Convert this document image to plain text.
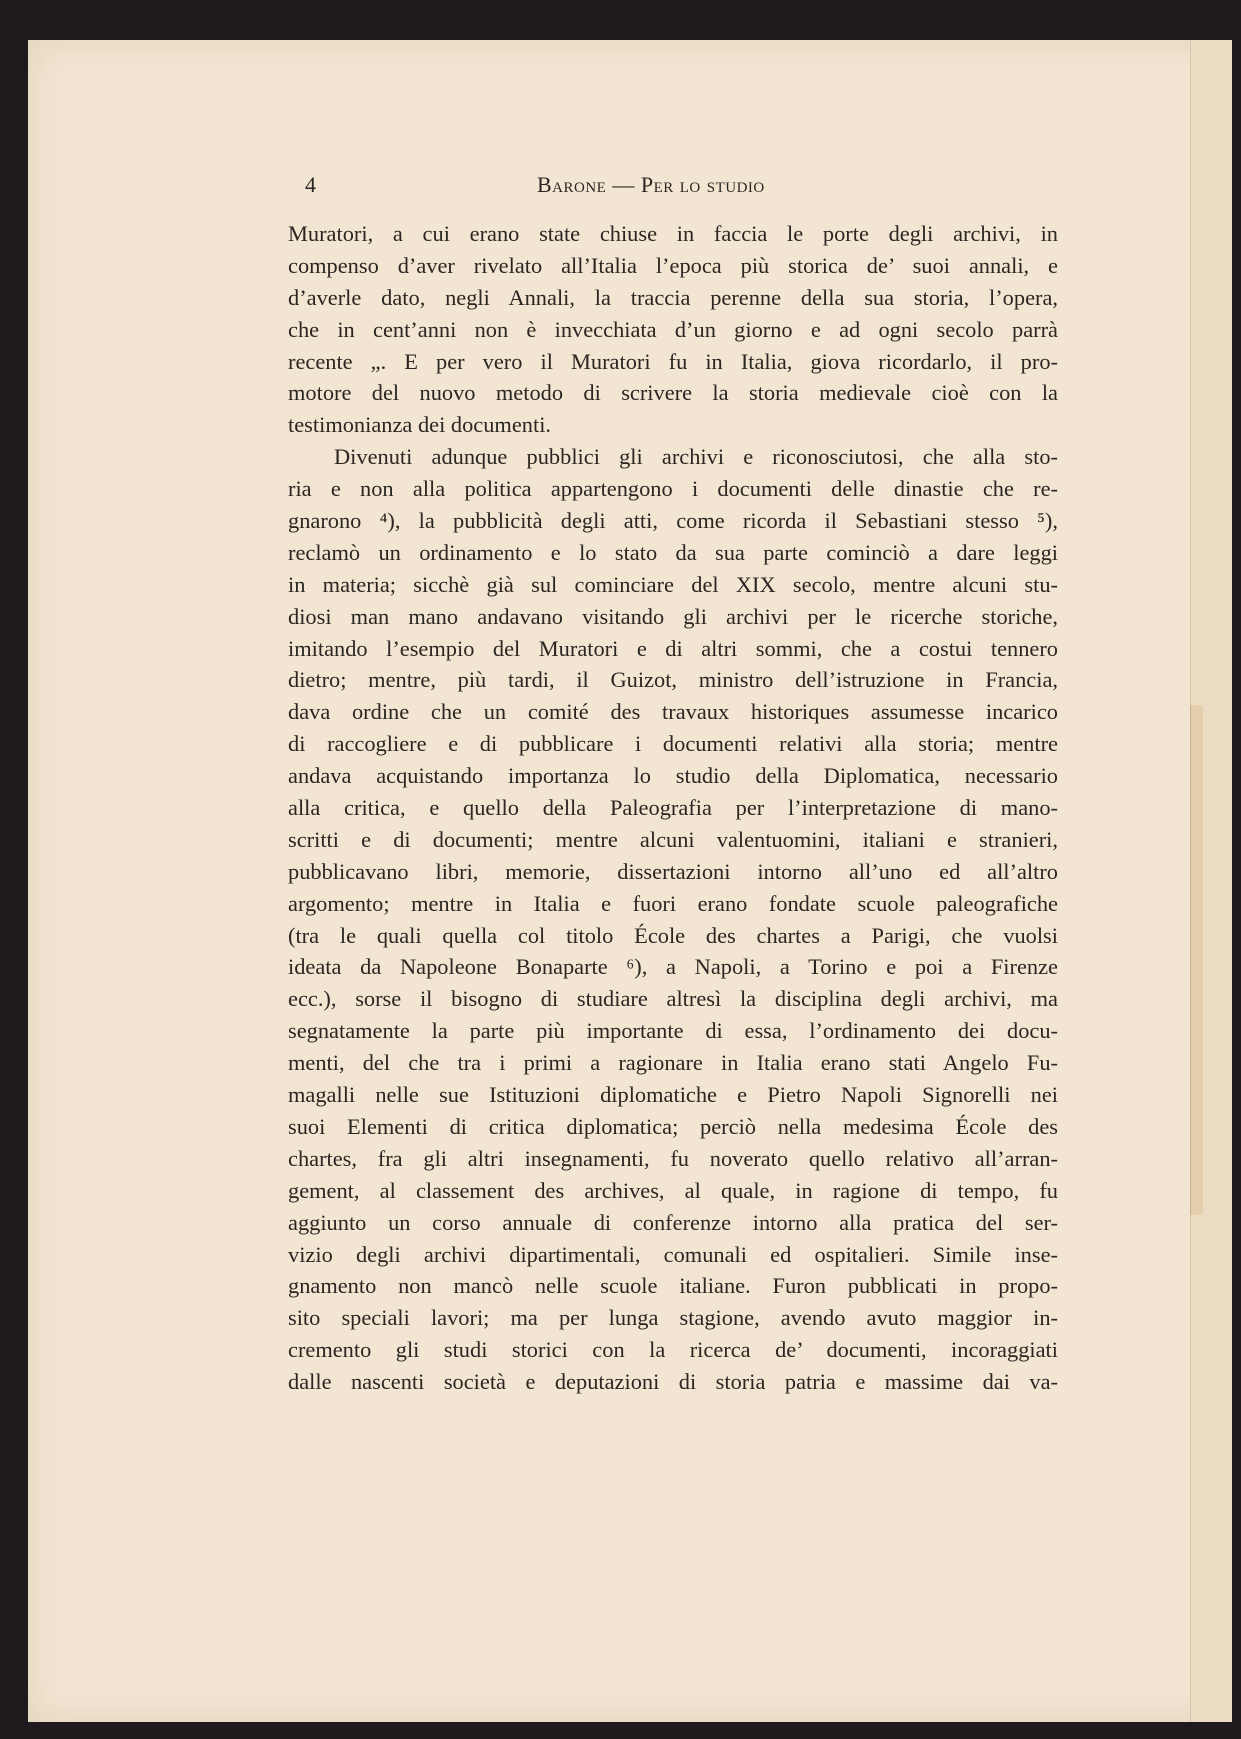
4	Barone — Per lo studio
Muratori, a cui erano state chiuse in faccia le porte degli archivi, in
compenso d’aver rivelato all’Italia l’epoca più storica de’ suoi annali, e
d’averle dato, negli Annali, la traccia perenne della sua storia, l’opera,
che in cent’anni non è invecchiata d’un giorno e ad ogni secolo parrà
recente „. E per vero il Muratori fu in Italia, giova ricordarlo, il pro-
motore del nuovo metodo di scrivere la storia medievale cioè con la
testimonianza dei documenti.
Divenuti adunque pubblici gli archivi e riconosciutosi, che alla sto-
ria e non alla politica appartengono i documenti delle dinastie che re-
gnarono ⁴), la pubblicità degli atti, come ricorda il Sebastiani stesso ⁵),
reclamò un ordinamento e lo stato da sua parte cominciò a dare leggi
in materia; sicchè già sul cominciare del XIX secolo, mentre alcuni stu-
diosi man mano andavano visitando gli archivi per le ricerche storiche,
imitando l’esempio del Muratori e di altri sommi, che a costui tennero
dietro; mentre, più tardi, il Guizot, ministro dell’istruzione in Francia,
dava ordine che un comité des travaux historiques assumesse incarico
di raccogliere e di pubblicare i documenti relativi alla storia; mentre
andava acquistando importanza lo studio della Diplomatica, necessario
alla critica, e quello della Paleografia per l’interpretazione di mano-
scritti e di documenti; mentre alcuni valentuomini, italiani e stranieri,
pubblicavano libri, memorie, dissertazioni intorno all’uno ed all’altro
argomento; mentre in Italia e fuori erano fondate scuole paleografiche
(tra le quali quella col titolo École des chartes a Parigi, che vuolsi
ideata da Napoleone Bonaparte ⁶), a Napoli, a Torino e poi a Firenze
ecc.), sorse il bisogno di studiare altresì la disciplina degli archivi, ma
segnatamente la parte più importante di essa, l’ordinamento dei docu-
menti, del che tra i primi a ragionare in Italia erano stati Angelo Fu-
magalli nelle sue Istituzioni diplomatiche e Pietro Napoli Signorelli nei
suoi Elementi di critica diplomatica; perciò nella medesima École des
chartes, fra gli altri insegnamenti, fu noverato quello relativo all’arran-
gement, al classement des archives, al quale, in ragione di tempo, fu
aggiunto un corso annuale di conferenze intorno alla pratica del ser-
vizio degli archivi dipartimentali, comunali ed ospitalieri. Simile inse-
gnamento non mancò nelle scuole italiane. Furon pubblicati in propo-
sito speciali lavori; ma per lunga stagione, avendo avuto maggior in-
cremento gli studi storici con la ricerca de’ documenti, incoraggiati
dalle nascenti società e deputazioni di storia patria e massime dai va-
